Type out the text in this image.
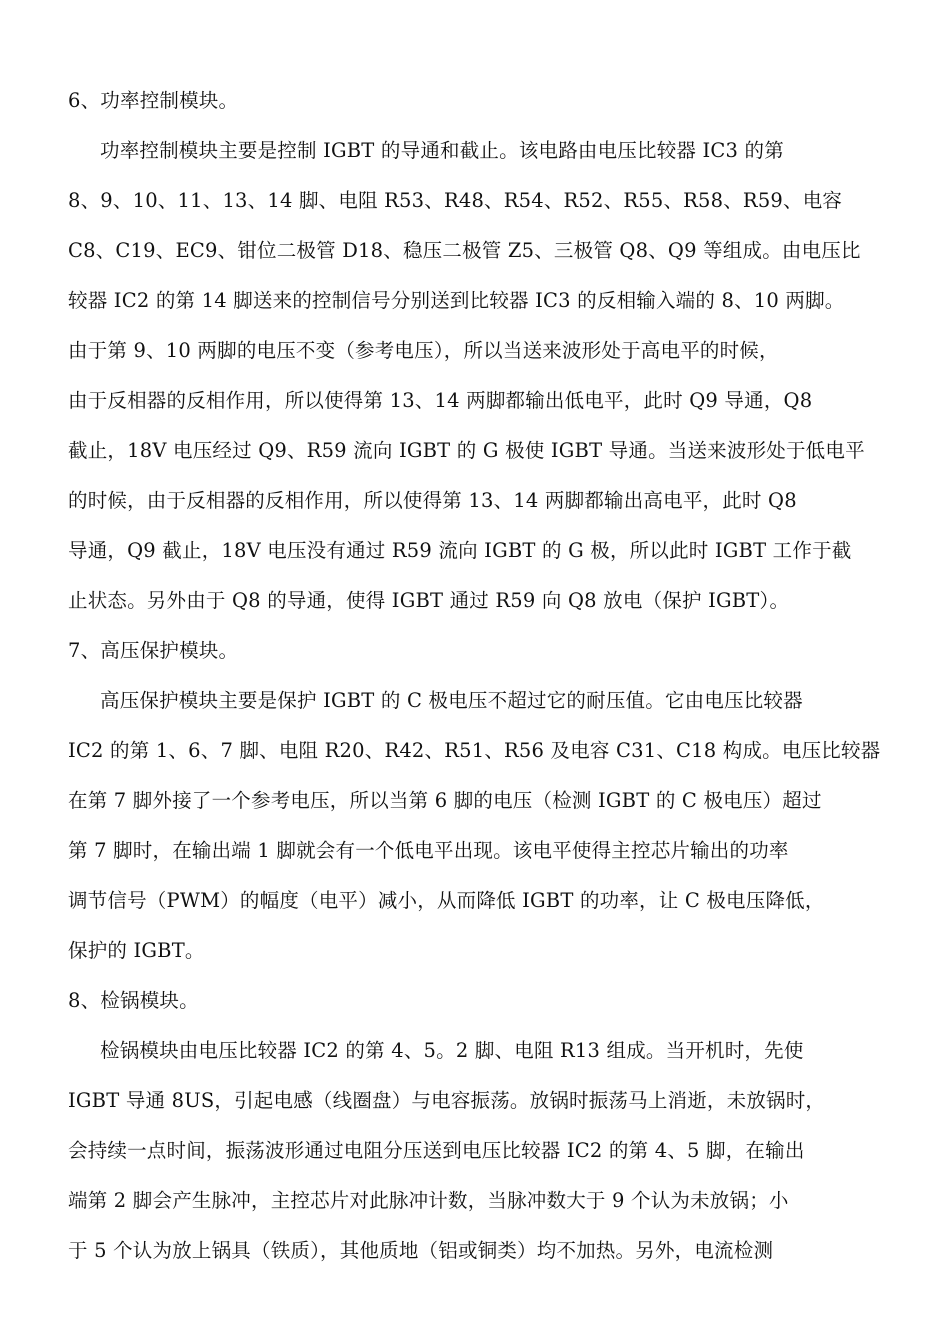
6、功率控制模块。
功率控制模块主要是控制 IGBT 的导通和截止。该电路由电压比较器 IC3 的第
8、9、10、11、13、14 脚、电阻 R53、R48、R54、R52、R55、R58、R59、电容
C8、C19、EC9、钳位二极管 D18、稳压二极管 Z5、三极管 Q8、Q9 等组成。由电压比
较器 IC2 的第 14 脚送来的控制信号分别送到比较器 IC3 的反相输入端的 8、10 两脚。
由于第 9、10 两脚的电压不变（参考电压），所以当送来波形处于高电平的时候，
由于反相器的反相作用，所以使得第 13、14 两脚都输出低电平，此时 Q9 导通，Q8
截止，18V 电压经过 Q9、R59 流向 IGBT 的 G 极使 IGBT 导通。当送来波形处于低电平
的时候，由于反相器的反相作用，所以使得第 13、14 两脚都输出高电平，此时 Q8
导通，Q9 截止，18V 电压没有通过 R59 流向 IGBT 的 G 极，所以此时 IGBT 工作于截
止状态。另外由于 Q8 的导通，使得 IGBT 通过 R59 向 Q8 放电（保护 IGBT）。
7、高压保护模块。
高压保护模块主要是保护 IGBT 的 C 极电压不超过它的耐压值。它由电压比较器
IC2 的第 1、6、7 脚、电阻 R20、R42、R51、R56 及电容 C31、C18 构成。电压比较器
在第 7 脚外接了一个参考电压，所以当第 6 脚的电压（检测 IGBT 的 C 极电压）超过
第 7 脚时，在输出端 1 脚就会有一个低电平出现。该电平使得主控芯片输出的功率
调节信号（PWM）的幅度（电平）减小，从而降低 IGBT 的功率，让 C 极电压降低，
保护的 IGBT。
8、检锅模块。
检锅模块由电压比较器 IC2 的第 4、5。2 脚、电阻 R13 组成。当开机时，先使
IGBT 导通 8US，引起电感（线圈盘）与电容振荡。放锅时振荡马上消逝，未放锅时，
会持续一点时间，振荡波形通过电阻分压送到电压比较器 IC2 的第 4、5 脚，在输出
端第 2 脚会产生脉冲，主控芯片对此脉冲计数，当脉冲数大于 9 个认为未放锅；小
于 5 个认为放上锅具（铁质），其他质地（铝或铜类）均不加热。另外，电流检测
